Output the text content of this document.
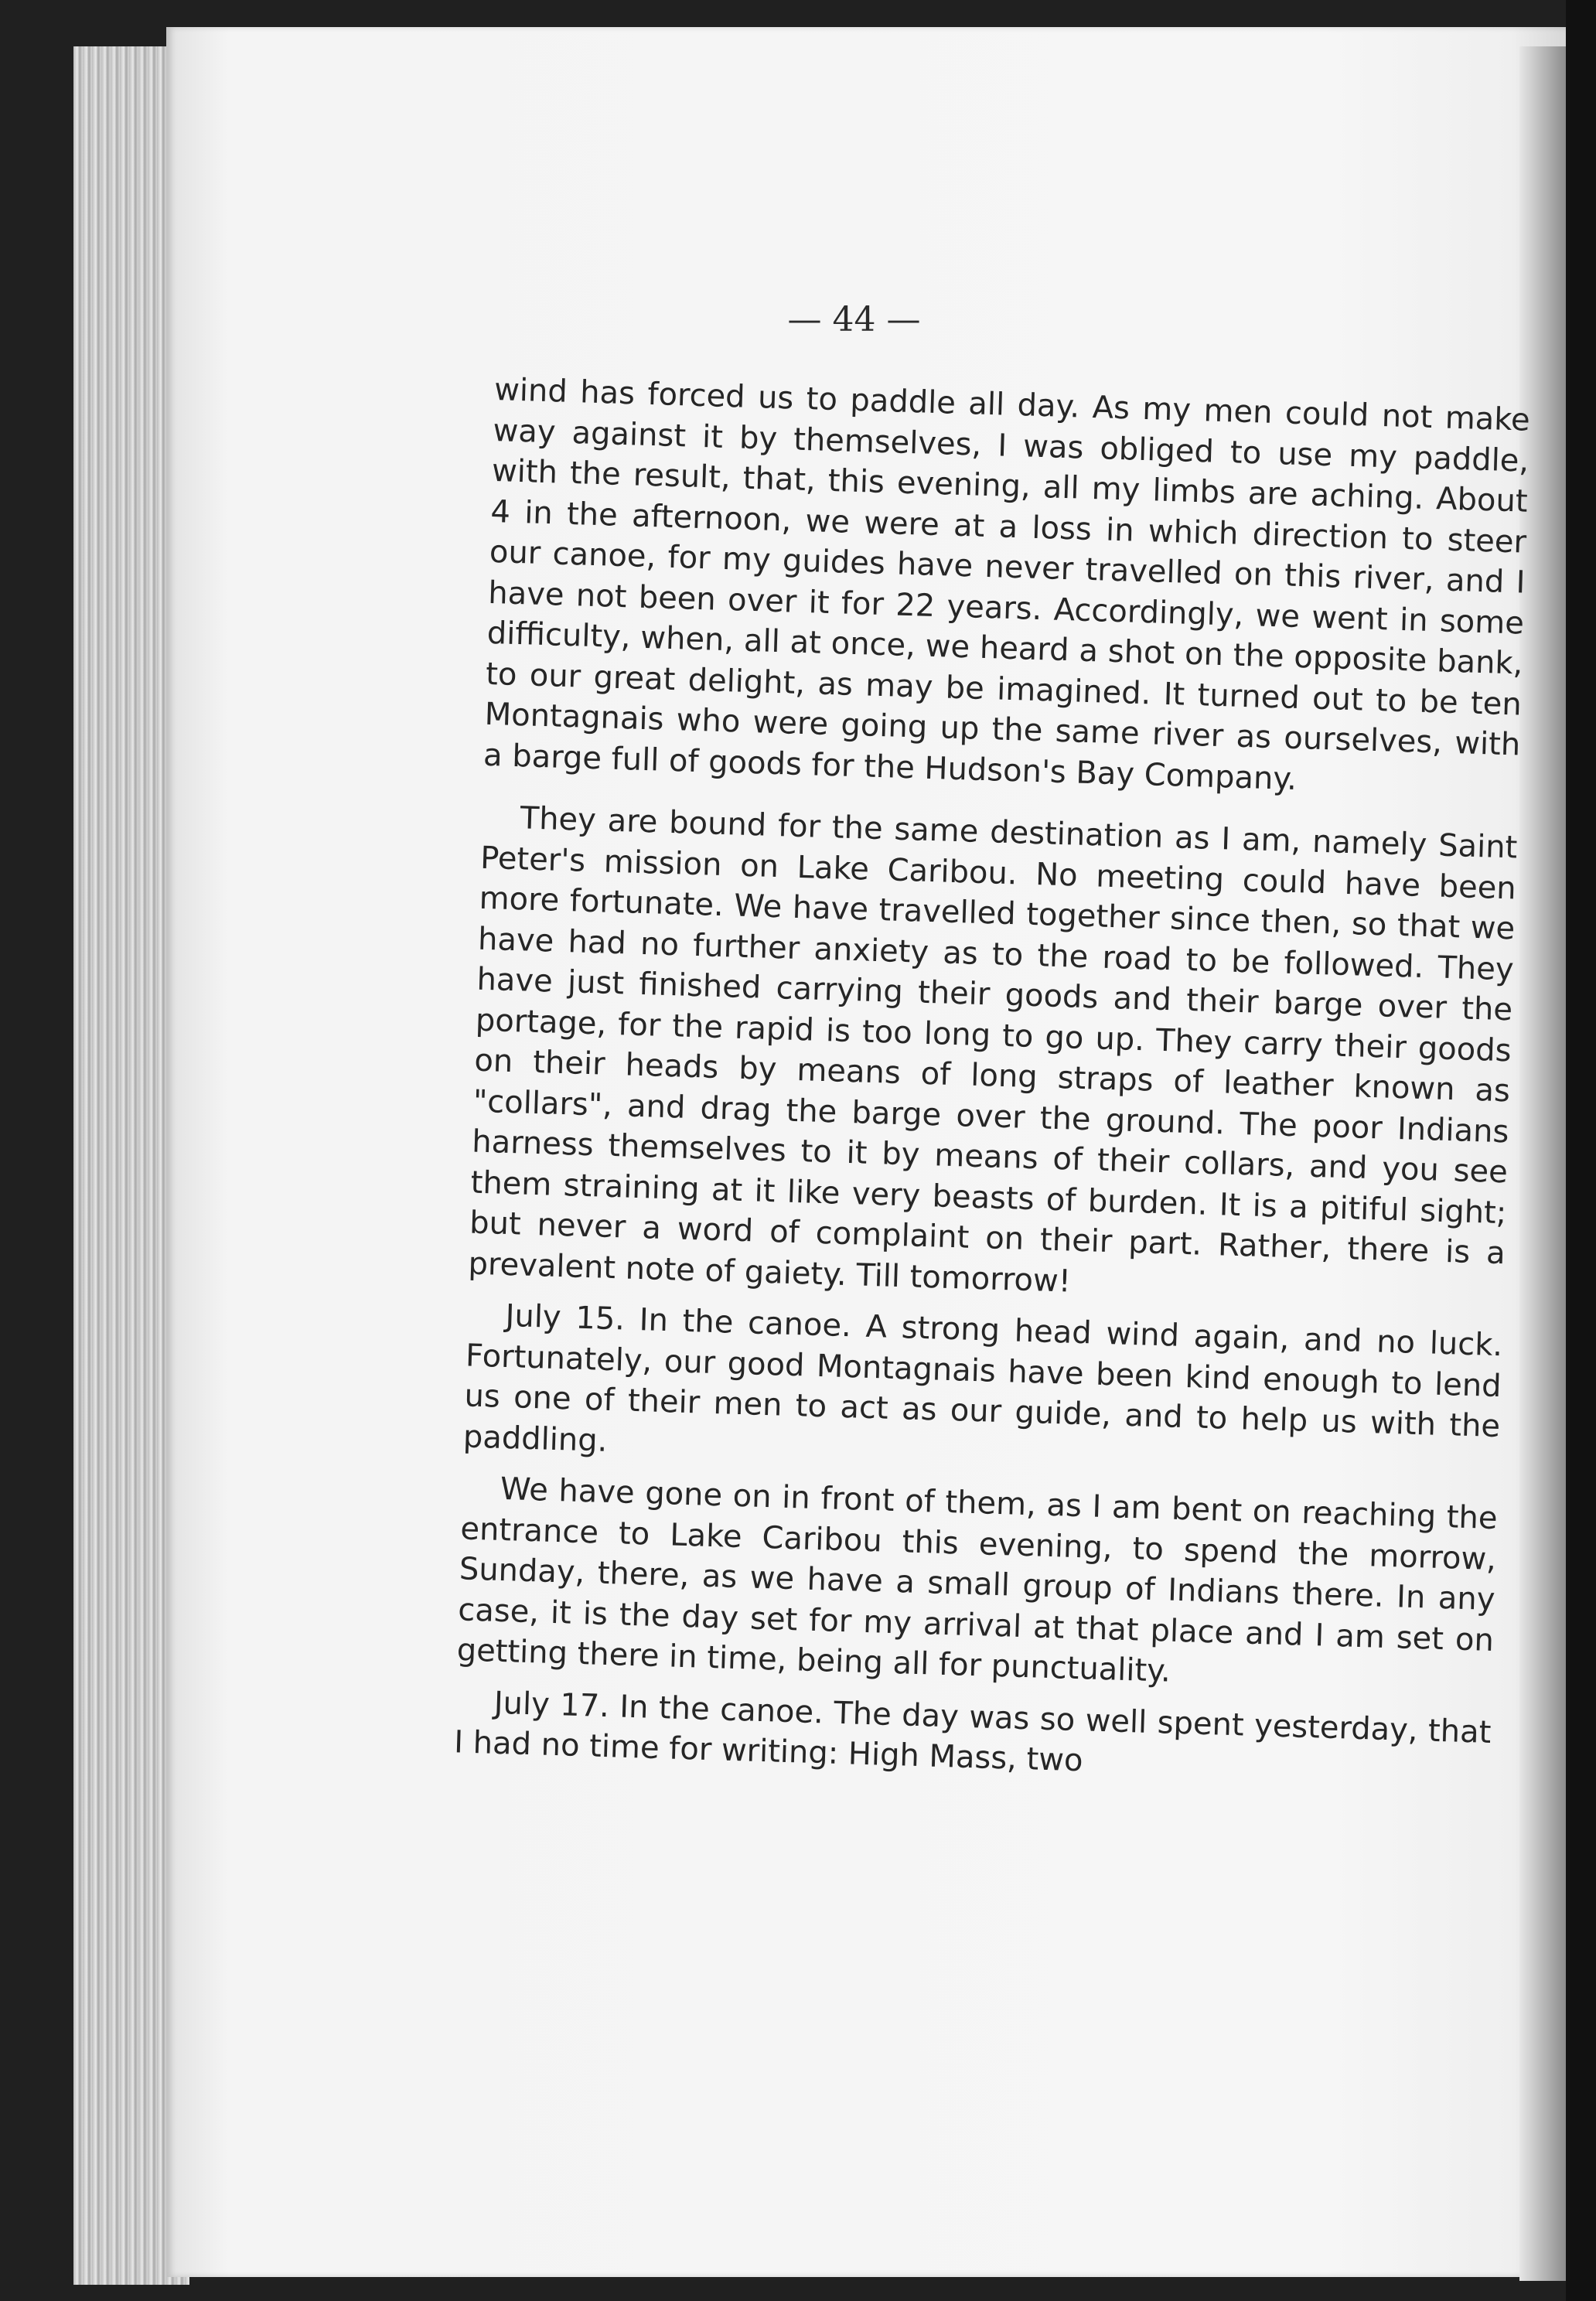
— 44 —

wind has forced us to paddle all day. As my men could not make way against it by themselves, I was obliged to use my paddle, with the result, that, this evening, all my limbs are aching. About 4 in the afternoon, we were at a loss in which direction to steer our canoe, for my guides have never travelled on this river, and I have not been over it for 22 years. Accordingly, we went in some difficulty, when, all at once, we heard a shot on the opposite bank, to our great delight, as may be imagined. It turned out to be ten Montagnais who were going up the same river as ourselves, with a barge full of goods for the Hudson's Bay Company.

They are bound for the same destination as I am, namely Saint Peter's mission on Lake Caribou. No meeting could have been more fortunate. We have travelled together since then, so that we have had no further anxiety as to the road to be followed. They have just finished carrying their goods and their barge over the portage, for the rapid is too long to go up. They carry their goods on their heads by means of long straps of leather known as "collars", and drag the barge over the ground. The poor Indians harness themselves to it by means of their collars, and you see them straining at it like very beasts of burden. It is a pitiful sight; but never a word of complaint on their part. Rather, there is a prevalent note of gaiety. Till tomorrow!

July 15. In the canoe. A strong head wind again, and no luck. Fortunately, our good Montagnais have been kind enough to lend us one of their men to act as our guide, and to help us with the paddling.

We have gone on in front of them, as I am bent on reaching the entrance to Lake Caribou this evening, to spend the morrow, Sunday, there, as we have a small group of Indians there. In any case, it is the day set for my arrival at that place and I am set on getting there in time, being all for punctuality.

July 17. In the canoe. The day was so well spent yesterday, that I had no time for writing: High Mass, two
